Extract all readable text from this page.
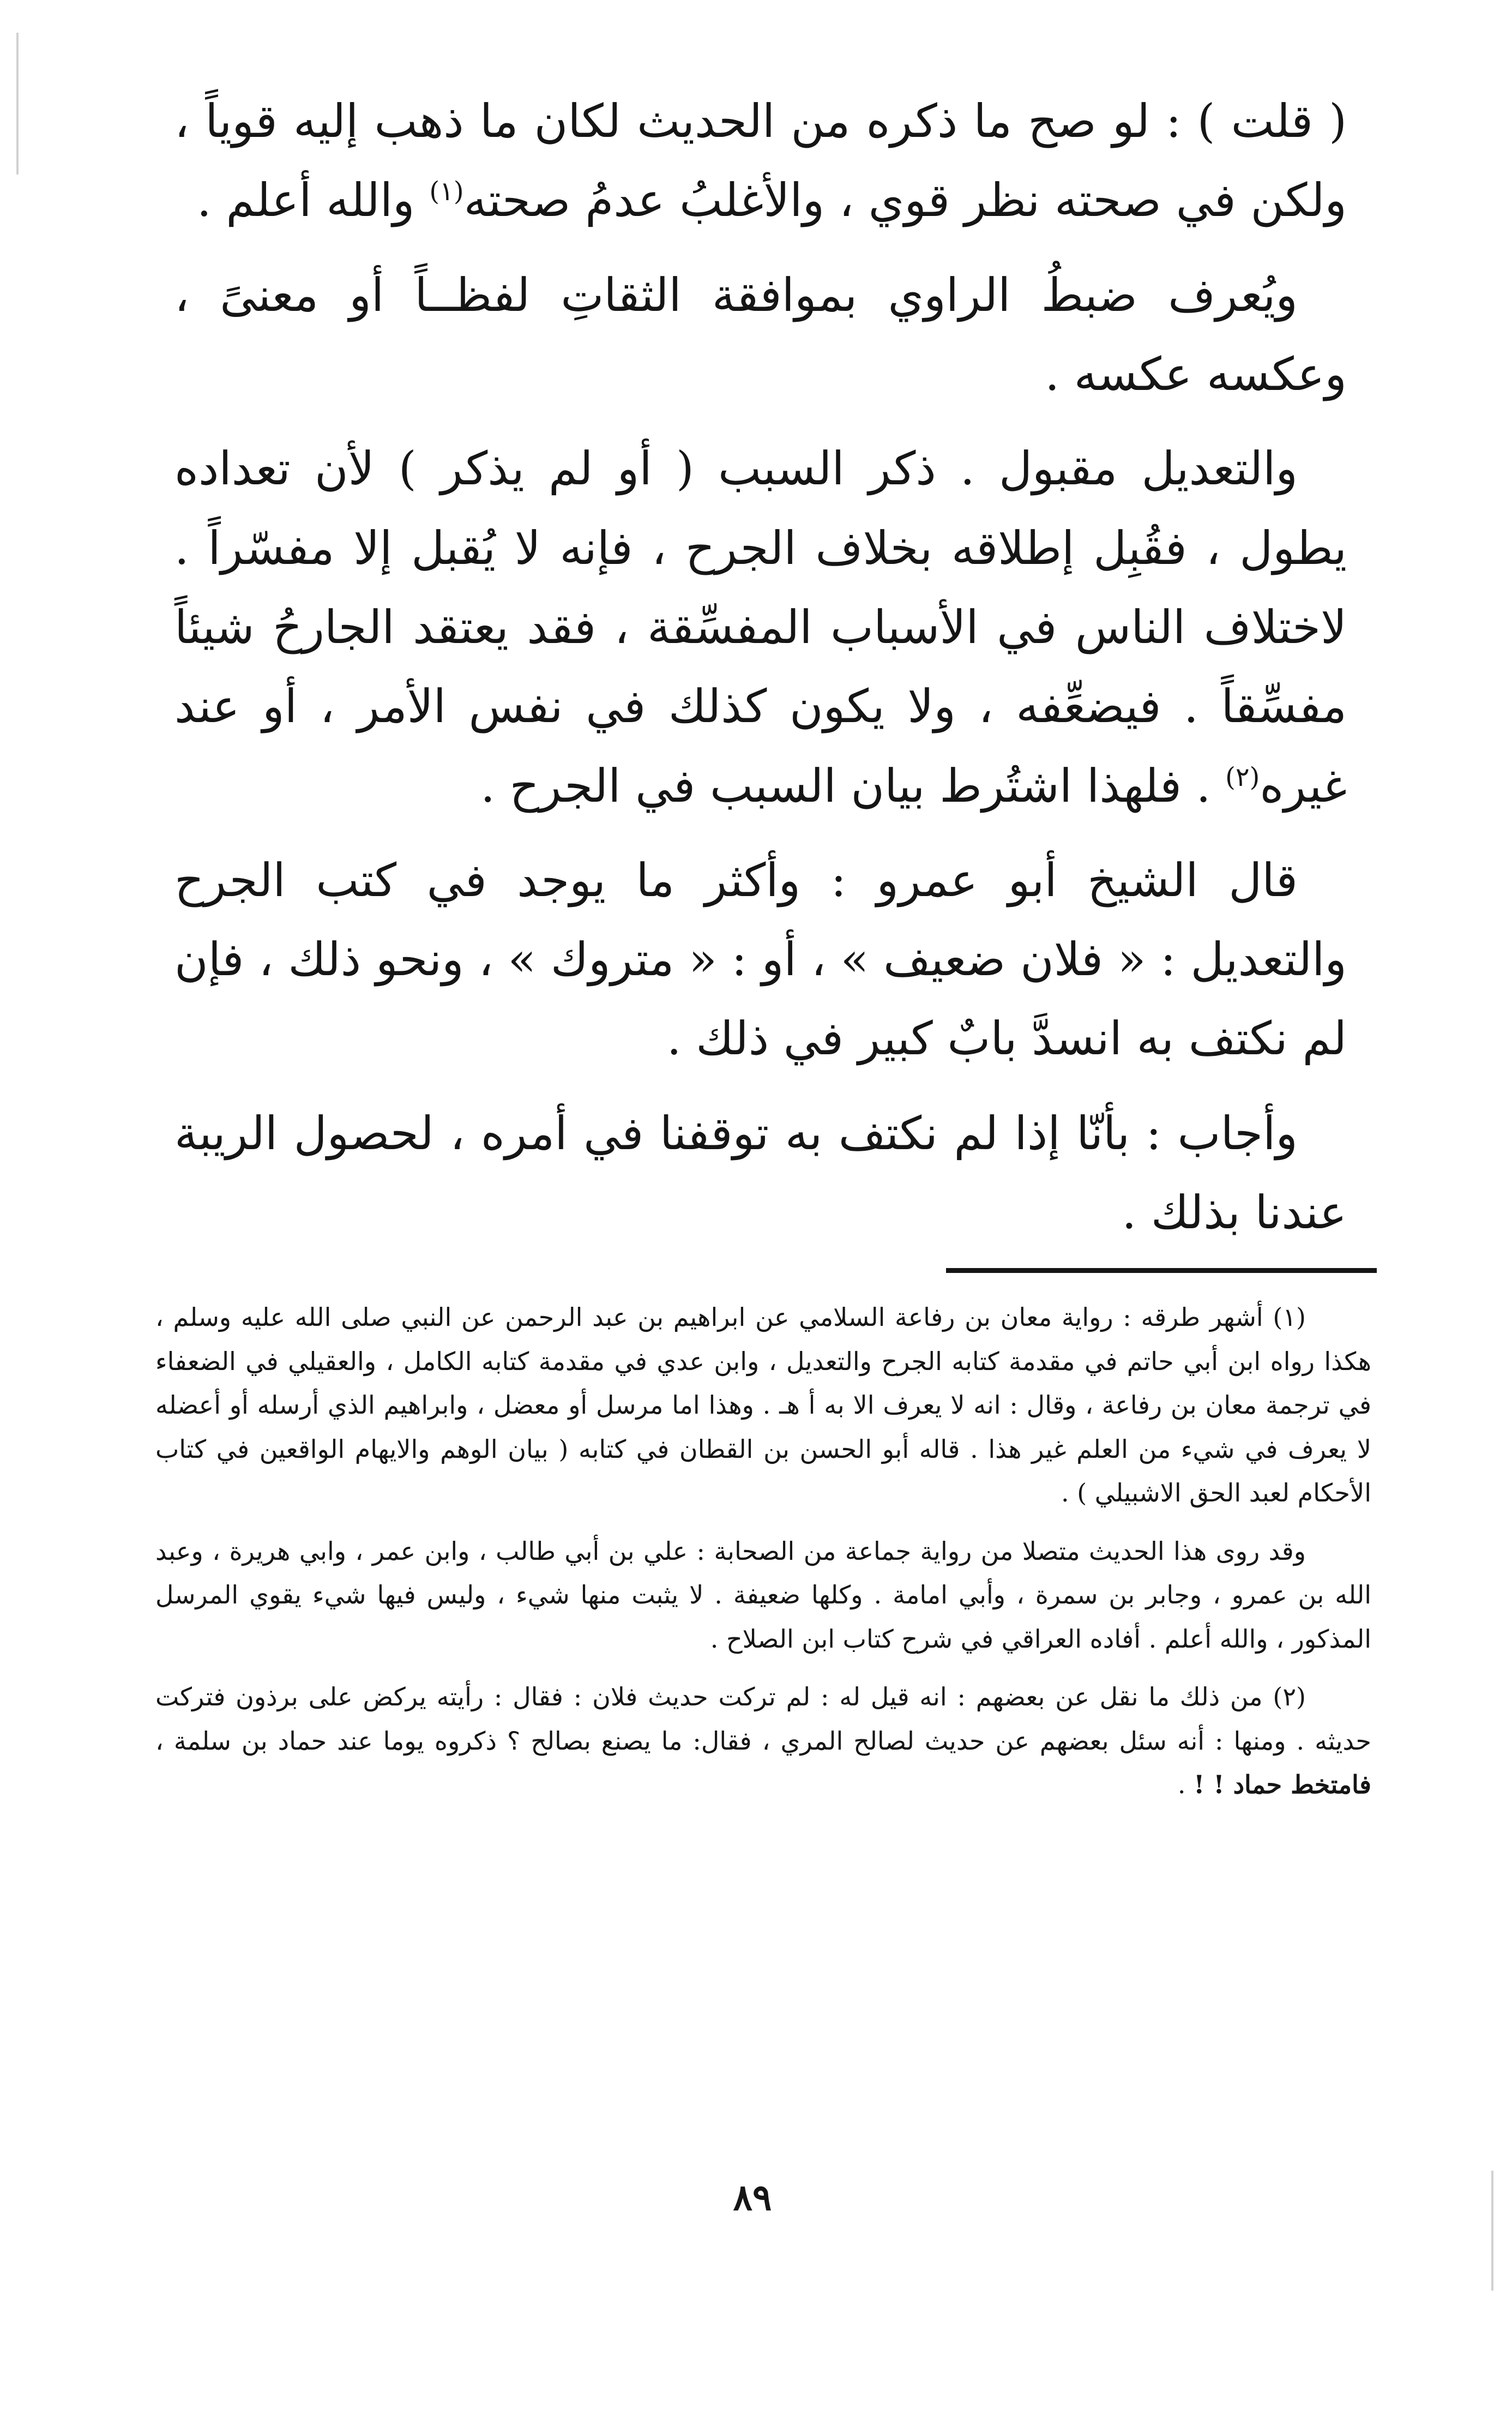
( قلت ) : لو صح ما ذكره من الحديث لكان ما ذهب إليه قوياً ، ولكن في صحته نظر قوي ، والأغلبُ عدمُ صحته$^{(١)}$ والله أعلم .

ويُعرف ضبطُ الراوي بموافقة الثقاتِ لفظــاً أو معنىً ، وعكسه عكسه .

والتعديل مقبول . ذكر السبب ( أو لم يذكر ) لأن تعداده يطول ، فقُبِل إطلاقه بخلاف الجرح ، فإنه لا يُقبل إلا مفسّراً . لاختلاف الناس في الأسباب المفسِّقة ، فقد يعتقد الجارحُ شيئاً مفسِّقاً . فيضعِّفه ، ولا يكون كذلك في نفس الأمر ، أو عند غيره$^{(٢)}$ . فلهذا اشتُرط بيان السبب في الجرح .

قال الشيخ أبو عمرو : وأكثر ما يوجد في كتب الجرح والتعديل : « فلان ضعيف » ، أو : « متروك » ، ونحو ذلك ، فإن لم نكتف به انسدَّ بابٌ كبير في ذلك .

وأجاب : بأنّا إذا لم نكتف به توقفنا في أمره ، لحصول الريبة عندنا بذلك .

(١) أشهر طرقه : رواية معان بن رفاعة السلامي عن ابراهيم بن عبد الرحمن عن النبي صلى الله عليه وسلم ، هكذا رواه ابن أبي حاتم في مقدمة كتابه الجرح والتعديل ، وابن عدي في مقدمة كتابه الكامل ، والعقيلي في الضعفاء في ترجمة معان بن رفاعة ، وقال : انه لا يعرف الا به أ هـ . وهذا اما مرسل أو معضل ، وابراهيم الذي أرسله أو أعضله لا يعرف في شيء من العلم غير هذا . قاله أبو الحسن بن القطان في كتابه ( بيان الوهم والايهام الواقعين في كتاب الأحكام لعبد الحق الاشبيلي ) .

وقد روى هذا الحديث متصلا من رواية جماعة من الصحابة : علي بن أبي طالب ، وابن عمر ، وابي هريرة ، وعبد الله بن عمرو ، وجابر بن سمرة ، وأبي امامة . وكلها ضعيفة . لا يثبت منها شيء ، وليس فيها شيء يقوي المرسل المذكور ، والله أعلم . أفاده العراقي في شرح كتاب ابن الصلاح .

(٢) من ذلك ما نقل عن بعضهم : انه قيل له : لم تركت حديث فلان : فقال : رأيته يركض على برذون فتركت حديثه . ومنها : أنه سئل بعضهم عن حديث لصالح المري ، فقال: ما يصنع بصالح ؟ ذكروه يوما عند حماد بن سلمة ، فامتخط حماد ! ! .

٨٩
